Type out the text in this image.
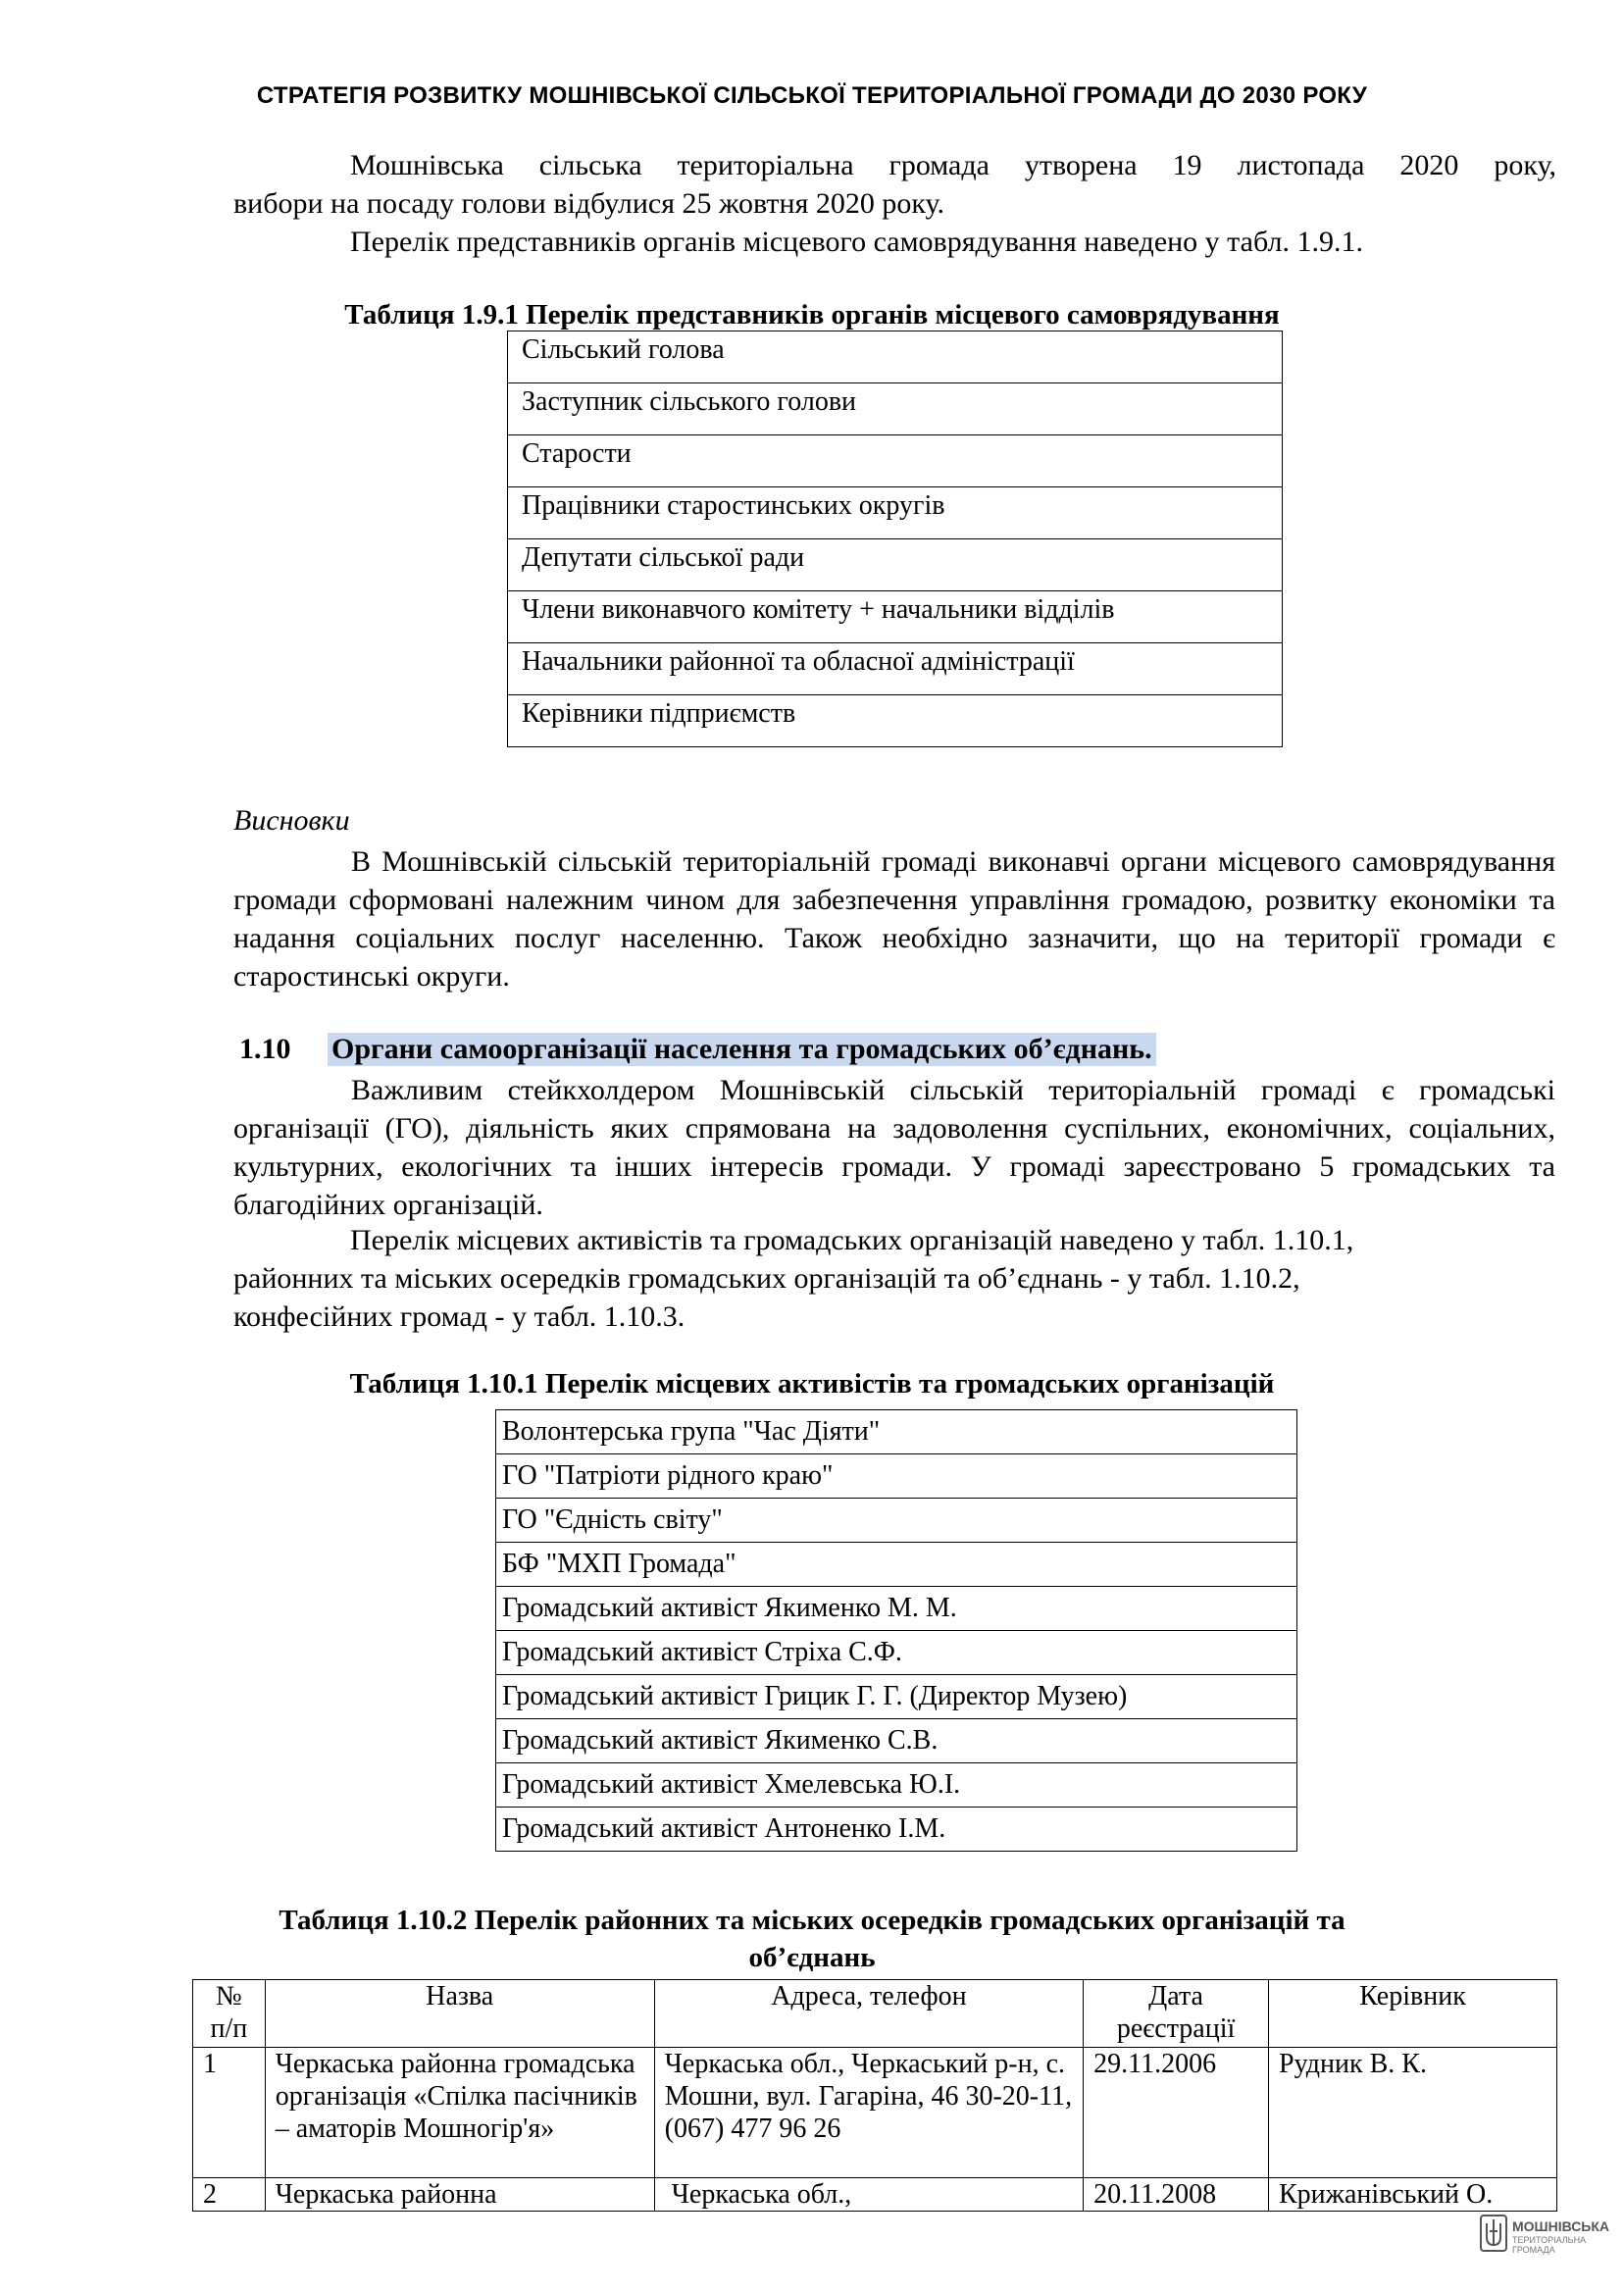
СТРАТЕГІЯ РОЗВИТКУ МОШНІВСЬКОЇ СІЛЬСЬКОЇ ТЕРИТОРІАЛЬНОЇ ГРОМАДИ ДО 2030 РОКУ
Мошнівська сільська територіальна громада утворена 19 листопада 2020 року,
вибори на посаду голови відбулися 25 жовтня 2020 року.
Перелік представників органів місцевого самоврядування наведено у табл. 1.9.1.
Таблиця 1.9.1 Перелік представників органів місцевого самоврядування
Сільський голова
Заступник сільського голови
Старости
Працівники старостинських округів
Депутати сільської ради
Члени виконавчого комітету + начальники відділів
Начальники районної та обласної адміністрації
Керівники підприємств
Висновки
В Мошнівській сільській територіальній громаді виконавчі органи місцевого самоврядування громади сформовані належним чином для забезпечення управління громадою, розвитку економіки та надання соціальних послуг населенню. Також необхідно зазначити, що на території громади є старостинські округи.
1.10 Органи самоорганізації населення та громадських об’єднань.
Важливим стейкхолдером Мошнівській сільській територіальній громаді є громадські організації (ГО), діяльність яких спрямована на задоволення суспільних, економічних, соціальних, культурних, екологічних та інших інтересів громади. У громаді зареєстровано 5 громадських та благодійних організацій.
Перелік місцевих активістів та громадських організацій наведено у табл. 1.10.1,
районних та міських осередків громадських організацій та об’єднань - у табл. 1.10.2,
конфесійних громад - у табл. 1.10.3.
Таблиця 1.10.1 Перелік місцевих активістів та громадських організацій
Волонтерська група "Час Діяти"
ГО "Патріоти рідного краю"
ГО "Єдність світу"
БФ "МХП Громада"
Громадський активіст Якименко М. М.
Громадський активіст Стріха С.Ф.
Громадський активіст Грицик Г. Г. (Директор Музею)
Громадський активіст Якименко С.В.
Громадський активіст Хмелевська Ю.І.
Громадський активіст Антоненко І.М.
Таблиця 1.10.2 Перелік районних та міських осередків громадських організацій та
об’єднань
№ п/п	Назва	Адреса, телефон	Дата реєстрації	Керівник
1	Черкаська районна громадська організація «Спілка пасічників – аматорів Мошногір'я»	Черкаська обл., Черкаський р-н, с. Мошни, вул. Гагаріна, 46 30-20-11,(067) 477 96 26	29.11.2006	Рудник В. К.
2	Черкаська районна	Черкаська обл.,	20.11.2008	Крижанівський О.
МОШНІВСЬКА
ТЕРИТОРІАЛЬНА
ГРОМАДА
